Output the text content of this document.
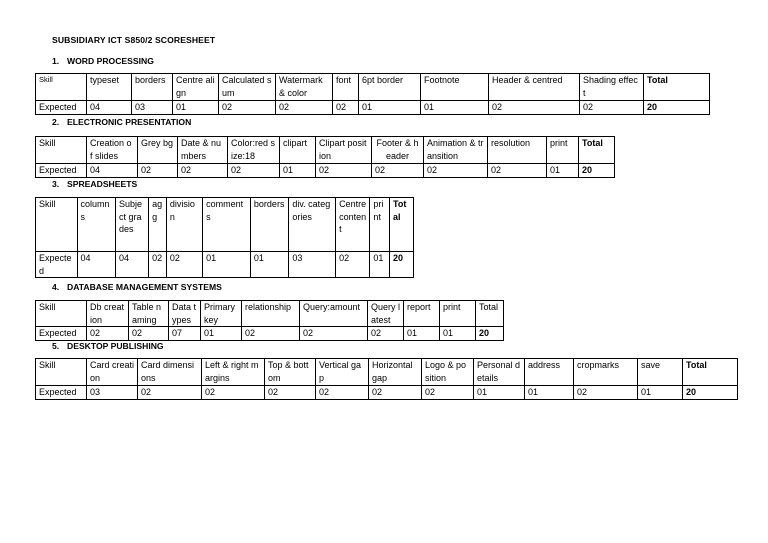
SUBSIDIARY ICT S850/2 SCORESHEET
1. WORD PROCESSING
Skill	typeset	borders	Centre align	Calculated sum	Watermark & color	font	6pt border	Footnote	Header & centred	Shading effect	Total
Expected	04	03	01	02	02	02	01	01	02	02	20
2. ELECTRONIC PRESENTATION
Skill	Creation of slides	Grey bg	Date & numbers	Color:red size:18	clipart	Clipart position	Footer & header	Animation & transition	resolution	print	Total
Expected	04	02	02	02	01	02	02	02	02	01	20
3. SPREADSHEETS
Skill	columns	Subject grades	agg	division	comments	borders	div. categories	Centre content	print	Total
Expected	04	04	02	02	01	01	03	02	01	20
4. DATABASE MANAGEMENT SYSTEMS
Skill	Db creation	Table naming	Data types	Primary key	relationship	Query:amount	Query latest	report	print	Total
Expected	02	02	07	01	02	02	02	01	01	20
5. DESKTOP PUBLISHING
Skill	Card creation	Card dimensions	Left & right margins	Top & bottom	Vertical gap	Horizontal gap	Logo & position	Personal details	address	cropmarks	save	Total
Expected	03	02	02	02	02	02	02	01	01	02	01	20
